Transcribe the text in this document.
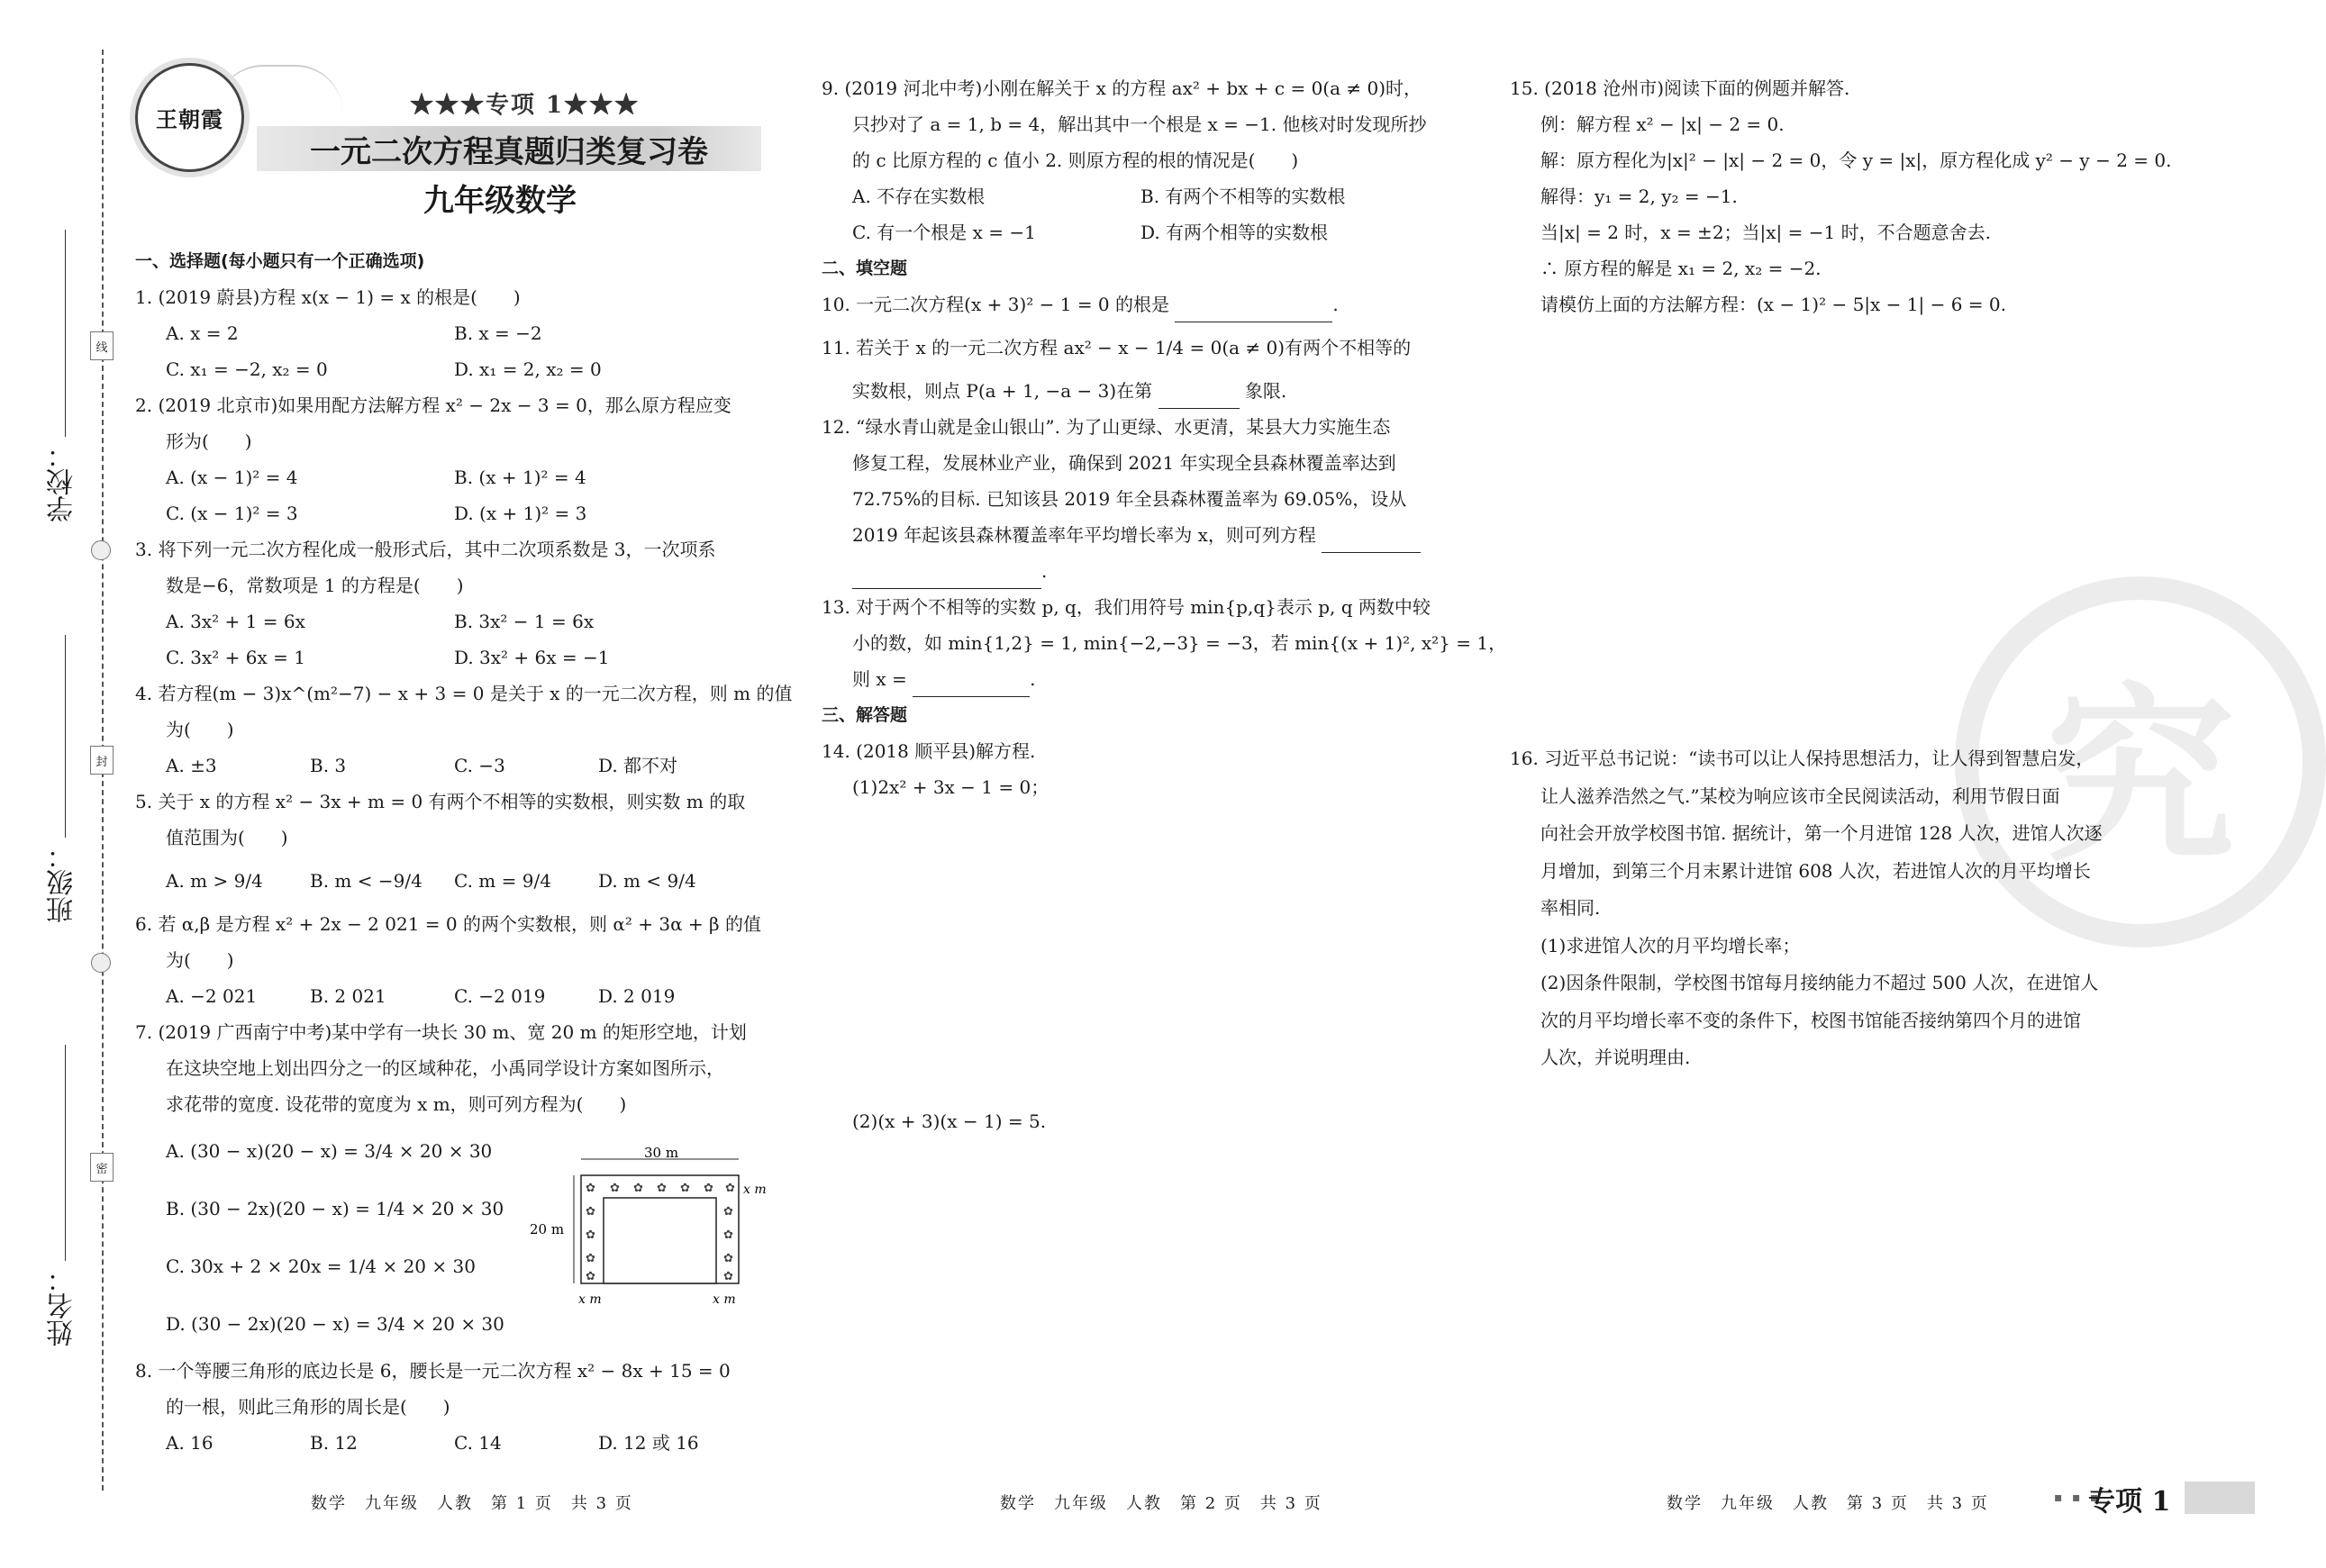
线
封
密
学校：
班级：
姓名：
王朝霞
★★★专项 1★★★
一元二次方程真题归类复习卷
九年级数学
究

一、选择题(每小题只有一个正确选项)

1. (2019 蔚县)方程 x(x − 1) = x 的根是(　　)

A. x = 2	B. x = −2

C. x₁ = −2, x₂ = 0	D. x₁ = 2, x₂ = 0

2. (2019 北京市)如果用配方法解方程 x² − 2x − 3 = 0，那么原方程应变

形为(　　)

A. (x − 1)² = 4	B. (x + 1)² = 4

C. (x − 1)² = 3	D. (x + 1)² = 3

3. 将下列一元二次方程化成一般形式后，其中二次项系数是 3，一次项系

数是−6，常数项是 1 的方程是(　　)

A. 3x² + 1 = 6x	B. 3x² − 1 = 6x

C. 3x² + 6x = 1	D. 3x² + 6x = −1

4. 若方程(m − 3)x^(m²−7) − x + 3 = 0 是关于 x 的一元二次方程，则 m 的值

为(　　)

A. ±3	B. 3	C. −3	D. 都不对

5. 关于 x 的方程 x² − 3x + m = 0 有两个不相等的实数根，则实数 m 的取

值范围为(　　)

A. m > 9/4	B. m < −9/4	C. m = 9/4	D. m < 9/4

6. 若 α,β 是方程 x² + 2x − 2 021 = 0 的两个实数根，则 α² + 3α + β 的值

为(　　)

A. −2 021	B. 2 021	C. −2 019	D. 2 019

7. (2019 广西南宁中考)某中学有一块长 30 m、宽 20 m 的矩形空地，计划

在这块空地上划出四分之一的区域种花，小禹同学设计方案如图所示，

求花带的宽度. 设花带的宽度为 x m，则可列方程为(　　)

A. (30 − x)(20 − x) = 3/4 × 20 × 30

B. (30 − 2x)(20 − x) = 1/4 × 20 × 30

C. 30x + 2 × 20x = 1/4 × 20 × 30

D. (30 − 2x)(20 − x) = 3/4 × 20 × 30

8. 一个等腰三角形的底边长是 6，腰长是一元二次方程 x² − 8x + 15 = 0

的一根，则此三角形的周长是(　　)

A. 16	B. 12	C. 14	D. 12 或 16

30 m
✿ ✿ ✿ ✿ ✿ ✿ ✿
✿
✿
✿
✿
✿
✿
✿
✿
20 m
x m
x m	x m

9. (2019 河北中考)小刚在解关于 x 的方程 ax² + bx + c = 0(a ≠ 0)时，

只抄对了 a = 1, b = 4，解出其中一个根是 x = −1. 他核对时发现所抄

的 c 比原方程的 c 值小 2. 则原方程的根的情况是(　　)

A. 不存在实数根	B. 有两个不相等的实数根

C. 有一个根是 x = −1	D. 有两个相等的实数根

二、填空题

10. 一元二次方程(x + 3)² − 1 = 0 的根是	.

11. 若关于 x 的一元二次方程 ax² − x − 1/4 = 0(a ≠ 0)有两个不相等的

实数根，则点 P(a + 1, −a − 3)在第	象限.

12. “绿水青山就是金山银山”. 为了山更绿、水更清，某县大力实施生态

修复工程，发展林业产业，确保到 2021 年实现全县森林覆盖率达到

72.75%的目标. 已知该县 2019 年全县森林覆盖率为 69.05%，设从

2019 年起该县森林覆盖率年平均增长率为 x，则可列方程

.

13. 对于两个不相等的实数 p, q，我们用符号 min{p,q}表示 p, q 两数中较

小的数，如 min{1,2} = 1, min{−2,−3} = −3，若 min{(x + 1)², x²} = 1，

则 x =	.

三、解答题

14. (2018 顺平县)解方程.

(1)2x² + 3x − 1 = 0；

(2)(x + 3)(x − 1) = 5.

15. (2018 沧州市)阅读下面的例题并解答.

例：解方程 x² − |x| − 2 = 0.

解：原方程化为|x|² − |x| − 2 = 0，令 y = |x|，原方程化成 y² − y − 2 = 0.

解得：y₁ = 2, y₂ = −1.

当|x| = 2 时，x = ±2；当|x| = −1 时，不合题意舍去.

∴ 原方程的解是 x₁ = 2, x₂ = −2.

请模仿上面的方法解方程：(x − 1)² − 5|x − 1| − 6 = 0.

16. 习近平总书记说：“读书可以让人保持思想活力，让人得到智慧启发，

让人滋养浩然之气.”某校为响应该市全民阅读活动，利用节假日面

向社会开放学校图书馆. 据统计，第一个月进馆 128 人次，进馆人次逐

月增加，到第三个月末累计进馆 608 人次，若进馆人次的月平均增长

率相同.

(1)求进馆人次的月平均增长率；

(2)因条件限制，学校图书馆每月接纳能力不超过 500 人次，在进馆人

次的月平均增长率不变的条件下，校图书馆能否接纳第四个月的进馆

人次，并说明理由.

数学　九年级　人教　第 1 页　共 3 页	数学　九年级　人教　第 2 页　共 3 页	数学　九年级　人教　第 3 页　共 3 页	▪ ▪ ▪
专项 1
